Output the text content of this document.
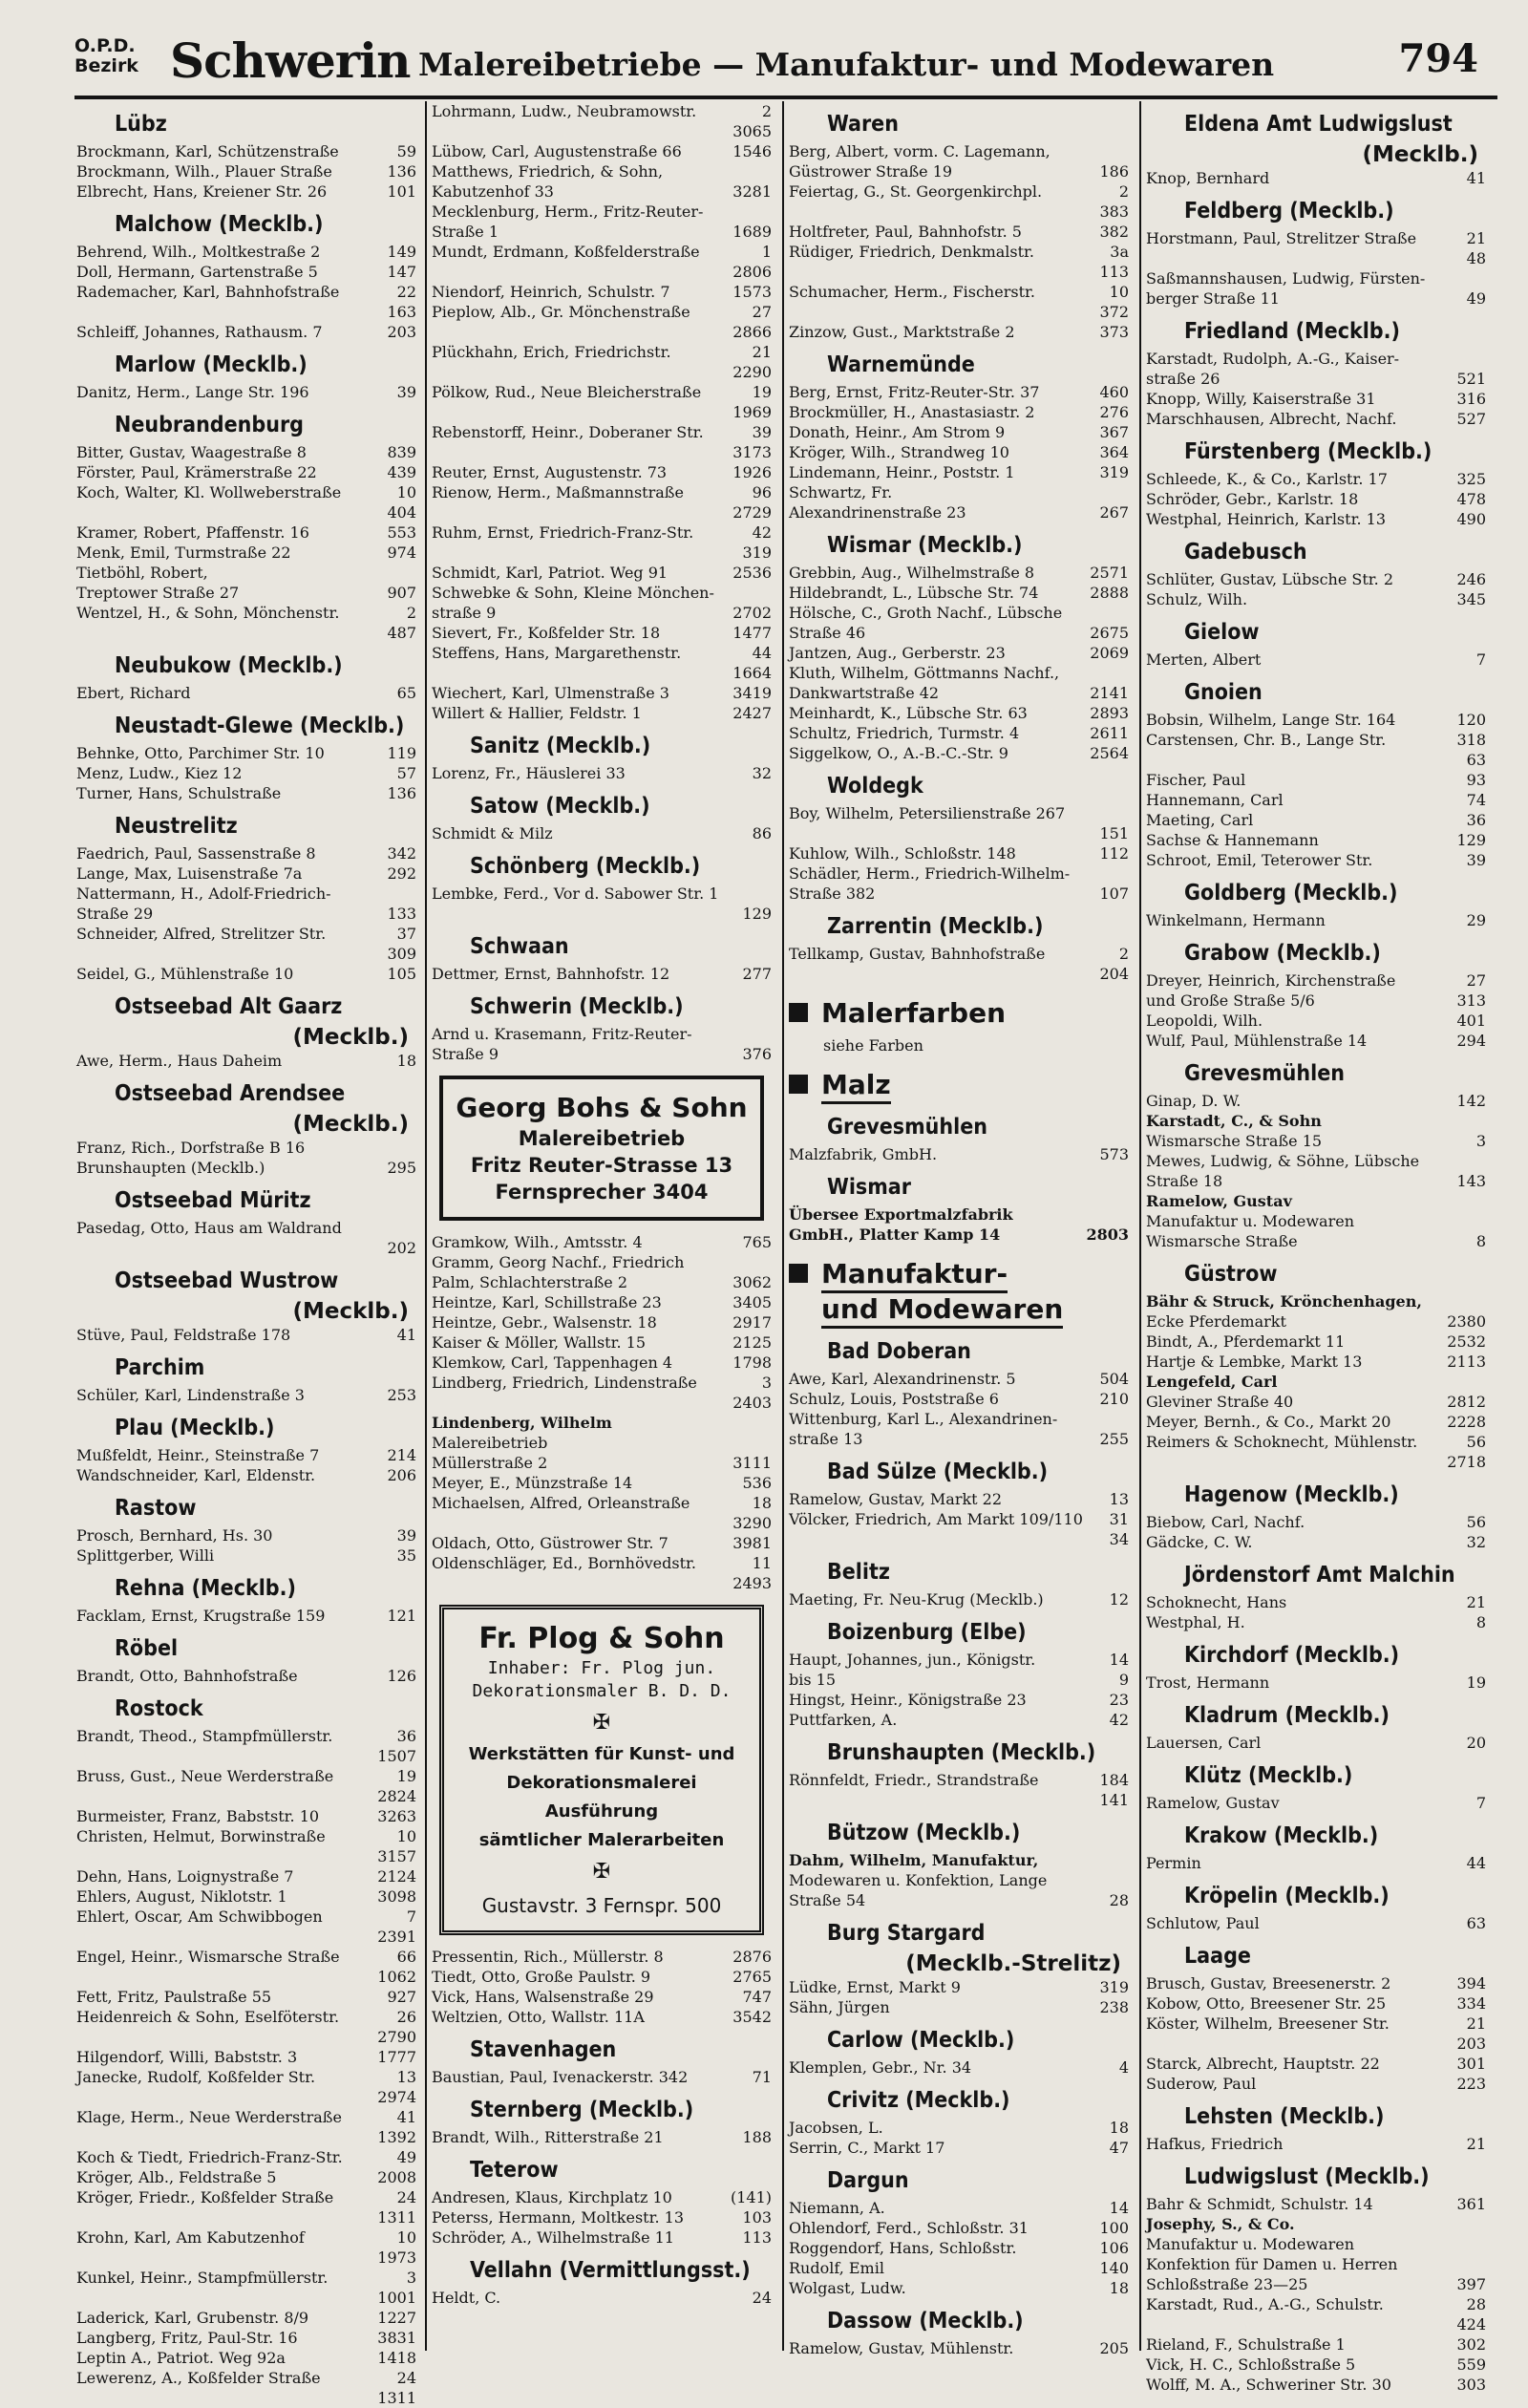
O.P.D.
Bezirk Schwerin Malereibetriebe — Manufaktur- und Modewaren	794
Lübz
Brockmann, Karl, Schützenstraße	59
Brockmann, Wilh., Plauer Straße	136
Elbrecht, Hans, Kreiener Str. 26	101
Malchow (Mecklb.)
Behrend, Wilh., Moltkestraße 2	149
Doll, Hermann, Gartenstraße 5	147
Rademacher, Karl, Bahnhofstraße	22
163
Schleiff, Johannes, Rathausm. 7	203
Marlow (Mecklb.)
Danitz, Herm., Lange Str. 196	39
Neubrandenburg
Bitter, Gustav, Waagestraße 8	839
Förster, Paul, Krämerstraße 22	439
Koch, Walter, Kl. Wollweberstraße	10
404
Kramer, Robert, Pfaffenstr. 16	553
Menk, Emil, Turmstraße 22	974
Tietböhl, Robert,
Treptower Straße 27	907
Wentzel, H., & Sohn, Mönchenstr.	2
487
Neubukow (Mecklb.)
Ebert, Richard	65
Neustadt-Glewe (Mecklb.)
Behnke, Otto, Parchimer Str. 10	119
Menz, Ludw., Kiez 12	57
Turner, Hans, Schulstraße	136
Neustrelitz
Faedrich, Paul, Sassenstraße 8	342
Lange, Max, Luisenstraße 7a	292
Nattermann, H., Adolf-Friedrich-
Straße 29	133
Schneider, Alfred, Strelitzer Str.	37
309
Seidel, G., Mühlenstraße 10	105
Ostseebad Alt Gaarz
(Mecklb.)
Awe, Herm., Haus Daheim	18
Ostseebad Arendsee
(Mecklb.)
Franz, Rich., Dorfstraße B 16
Brunshaupten (Mecklb.)	295
Ostseebad Müritz
Pasedag, Otto, Haus am Waldrand
202
Ostseebad Wustrow
(Mecklb.)
Stüve, Paul, Feldstraße 178	41
Parchim
Schüler, Karl, Lindenstraße 3	253
Plau (Mecklb.)
Mußfeldt, Heinr., Steinstraße 7	214
Wandschneider, Karl, Eldenstr.	206
Rastow
Prosch, Bernhard, Hs. 30	39
Splittgerber, Willi	35
Rehna (Mecklb.)
Facklam, Ernst, Krugstraße 159	121
Röbel
Brandt, Otto, Bahnhofstraße	126
Rostock
Brandt, Theod., Stampfmüllerstr.	36
1507
Bruss, Gust., Neue Werderstraße	19
2824
Burmeister, Franz, Babststr. 10	3263
Christen, Helmut, Borwinstraße	10
3157
Dehn, Hans, Loignystraße 7	2124
Ehlers, August, Niklotstr. 1	3098
Ehlert, Oscar, Am Schwibbogen	7
2391
Engel, Heinr., Wismarsche Straße	66
1062
Fett, Fritz, Paulstraße 55	927
Heidenreich & Sohn, Eselföterstr.	26
2790
Hilgendorf, Willi, Babststr. 3	1777
Janecke, Rudolf, Koßfelder Str.	13
2974
Klage, Herm., Neue Werderstraße	41
1392
Koch & Tiedt, Friedrich-Franz-Str.	49
Kröger, Alb., Feldstraße 5	2008
Kröger, Friedr., Koßfelder Straße	24
1311
Krohn, Karl, Am Kabutzenhof	10
1973
Kunkel, Heinr., Stampfmüllerstr.	3
1001
Laderick, Karl, Grubenstr. 8/9	1227
Langberg, Fritz, Paul-Str. 16	3831
Leptin A., Patriot. Weg 92a	1418
Lewerenz, A., Koßfelder Straße	24
1311
Lohrmann, Ludw., Neubramowstr.	2
3065
Lübow, Carl, Augustenstraße 66	1546
Matthews, Friedrich, & Sohn,
Kabutzenhof 33	3281
Mecklenburg, Herm., Fritz-Reuter-
Straße 1	1689
Mundt, Erdmann, Koßfelderstraße	1
2806
Niendorf, Heinrich, Schulstr. 7	1573
Pieplow, Alb., Gr. Mönchenstraße	27
2866
Plückhahn, Erich, Friedrichstr.	21
2290
Pölkow, Rud., Neue Bleicherstraße	19
1969
Rebenstorff, Heinr., Doberaner Str.	39
3173
Reuter, Ernst, Augustenstr. 73	1926
Rienow, Herm., Maßmannstraße	96
2729
Ruhm, Ernst, Friedrich-Franz-Str.	42
319
Schmidt, Karl, Patriot. Weg 91	2536
Schwebke & Sohn, Kleine Mönchen-
straße 9	2702
Sievert, Fr., Koßfelder Str. 18	1477
Steffens, Hans, Margarethenstr.	44
1664
Wiechert, Karl, Ulmenstraße 3	3419
Willert & Hallier, Feldstr. 1	2427
Sanitz (Mecklb.)
Lorenz, Fr., Häuslerei 33	32
Satow (Mecklb.)
Schmidt & Milz	86
Schönberg (Mecklb.)
Lembke, Ferd., Vor d. Sabower Str. 1
129
Schwaan
Dettmer, Ernst, Bahnhofstr. 12	277
Schwerin (Mecklb.)
Arnd u. Krasemann, Fritz-Reuter-
Straße 9	376
Georg Bohs & Sohn
Malereibetrieb
Fritz Reuter-Strasse 13
Fernsprecher 3404
Gramkow, Wilh., Amtsstr. 4	765
Gramm, Georg Nachf., Friedrich
Palm, Schlachterstraße 2	3062
Heintze, Karl, Schillstraße 23	3405
Heintze, Gebr., Walsenstr. 18	2917
Kaiser & Möller, Wallstr. 15	2125
Klemkow, Carl, Tappenhagen 4	1798
Lindberg, Friedrich, Lindenstraße	3
2403
Lindenberg, Wilhelm
Malereibetrieb
Müllerstraße 2	3111
Meyer, E., Münzstraße 14	536
Michaelsen, Alfred, Orleanstraße	18
3290
Oldach, Otto, Güstrower Str. 7	3981
Oldenschläger, Ed., Bornhövedstr.	11
2493
Fr. Plog & Sohn
Inhaber: Fr. Plog jun.
Dekorationsmaler B. D. D.
✠
Werkstätten für Kunst- und
Dekorationsmalerei
Ausführung
sämtlicher Malerarbeiten
✠
Gustavstr. 3 Fernspr. 500
Pressentin, Rich., Müllerstr. 8	2876
Tiedt, Otto, Große Paulstr. 9	2765
Vick, Hans, Walsenstraße 29	747
Weltzien, Otto, Wallstr. 11A	3542
Stavenhagen
Baustian, Paul, Ivenackerstr. 342	71
Sternberg (Mecklb.)
Brandt, Wilh., Ritterstraße 21	188
Teterow
Andresen, Klaus, Kirchplatz 10	(141)
Peterss, Hermann, Moltkestr. 13	103
Schröder, A., Wilhelmstraße 11	113
Vellahn (Vermittlungsst.)
Heldt, C.	24
Waren
Berg, Albert, vorm. C. Lagemann,
Güstrower Straße 19	186
Feiertag, G., St. Georgenkirchpl.	2
383
Holtfreter, Paul, Bahnhofstr. 5	382
Rüdiger, Friedrich, Denkmalstr.	3a
113
Schumacher, Herm., Fischerstr.	10
372
Zinzow, Gust., Marktstraße 2	373
Warnemünde
Berg, Ernst, Fritz-Reuter-Str. 37	460
Brockmüller, H., Anastasiastr. 2	276
Donath, Heinr., Am Strom 9	367
Kröger, Wilh., Strandweg 10	364
Lindemann, Heinr., Poststr. 1	319
Schwartz, Fr.
Alexandrinenstraße 23	267
Wismar (Mecklb.)
Grebbin, Aug., Wilhelmstraße 8	2571
Hildebrandt, L., Lübsche Str. 74	2888
Hölsche, C., Groth Nachf., Lübsche
Straße 46	2675
Jantzen, Aug., Gerberstr. 23	2069
Kluth, Wilhelm, Göttmanns Nachf.,
Dankwartstraße 42	2141
Meinhardt, K., Lübsche Str. 63	2893
Schultz, Friedrich, Turmstr. 4	2611
Siggelkow, O., A.-B.-C.-Str. 9	2564
Woldegk
Boy, Wilhelm, Petersilienstraße 267
151
Kuhlow, Wilh., Schloßstr. 148	112
Schädler, Herm., Friedrich-Wilhelm-
Straße 382	107
Zarrentin (Mecklb.)
Tellkamp, Gustav, Bahnhofstraße	2
204
Malerfarben
siehe Farben
Malz
Grevesmühlen
Malzfabrik, GmbH.	573
Wismar
Übersee Exportmalzfabrik
GmbH., Platter Kamp 14	2803
Manufaktur-
und Modewaren
Bad Doberan
Awe, Karl, Alexandrinenstr. 5	504
Schulz, Louis, Poststraße 6	210
Wittenburg, Karl L., Alexandrinen-
straße 13	255
Bad Sülze (Mecklb.)
Ramelow, Gustav, Markt 22	13
Völcker, Friedrich, Am Markt 109/110	31
34
Belitz
Maeting, Fr. Neu-Krug (Mecklb.)	12
Boizenburg (Elbe)
Haupt, Johannes, jun., Königstr.	14
bis 15	9
Hingst, Heinr., Königstraße 23	23
Puttfarken, A.	42
Brunshaupten (Mecklb.)
Rönnfeldt, Friedr., Strandstraße	184
141
Bützow (Mecklb.)
Dahm, Wilhelm, Manufaktur,
Modewaren u. Konfektion, Lange
Straße 54	28
Burg Stargard
(Mecklb.-Strelitz)
Lüdke, Ernst, Markt 9	319
Sähn, Jürgen	238
Carlow (Mecklb.)
Klemplen, Gebr., Nr. 34	4
Crivitz (Mecklb.)
Jacobsen, L.	18
Serrin, C., Markt 17	47
Dargun
Niemann, A.	14
Ohlendorf, Ferd., Schloßstr. 31	100
Roggendorf, Hans, Schloßstr.	106
Rudolf, Emil	140
Wolgast, Ludw.	18
Dassow (Mecklb.)
Ramelow, Gustav, Mühlenstr.	205
Eldena Amt Ludwigslust
(Mecklb.)
Knop, Bernhard	41
Feldberg (Mecklb.)
Horstmann, Paul, Strelitzer Straße	21
48
Saßmannshausen, Ludwig, Fürsten-
berger Straße 11	49
Friedland (Mecklb.)
Karstadt, Rudolph, A.-G., Kaiser-
straße 26	521
Knopp, Willy, Kaiserstraße 31	316
Marschhausen, Albrecht, Nachf.	527
Fürstenberg (Mecklb.)
Schleede, K., & Co., Karlstr. 17	325
Schröder, Gebr., Karlstr. 18	478
Westphal, Heinrich, Karlstr. 13	490
Gadebusch
Schlüter, Gustav, Lübsche Str. 2	246
Schulz, Wilh.	345
Gielow
Merten, Albert	7
Gnoien
Bobsin, Wilhelm, Lange Str. 164	120
Carstensen, Chr. B., Lange Str.	318
63
Fischer, Paul	93
Hannemann, Carl	74
Maeting, Carl	36
Sachse & Hannemann	129
Schroot, Emil, Teterower Str.	39
Goldberg (Mecklb.)
Winkelmann, Hermann	29
Grabow (Mecklb.)
Dreyer, Heinrich, Kirchenstraße	27
und Große Straße 5/6	313
Leopoldi, Wilh.	401
Wulf, Paul, Mühlenstraße 14	294
Grevesmühlen
Ginap, D. W.	142
Karstadt, C., & Sohn
Wismarsche Straße 15	3
Mewes, Ludwig, & Söhne, Lübsche
Straße 18	143
Ramelow, Gustav
Manufaktur u. Modewaren
Wismarsche Straße	8
Güstrow
Bähr & Struck, Krönchenhagen,
Ecke Pferdemarkt	2380
Bindt, A., Pferdemarkt 11	2532
Hartje & Lembke, Markt 13	2113
Lengefeld, Carl
Gleviner Straße 40	2812
Meyer, Bernh., & Co., Markt 20	2228
Reimers & Schoknecht, Mühlenstr.	56
2718
Hagenow (Mecklb.)
Biebow, Carl, Nachf.	56
Gädcke, C. W.	32
Jördenstorf Amt Malchin
Schoknecht, Hans	21
Westphal, H.	8
Kirchdorf (Mecklb.)
Trost, Hermann	19
Kladrum (Mecklb.)
Lauersen, Carl	20
Klütz (Mecklb.)
Ramelow, Gustav	7
Krakow (Mecklb.)
Permin	44
Kröpelin (Mecklb.)
Schlutow, Paul	63
Laage
Brusch, Gustav, Breesenerstr. 2	394
Kobow, Otto, Breesener Str. 25	334
Köster, Wilhelm, Breesener Str.	21
203
Starck, Albrecht, Hauptstr. 22	301
Suderow, Paul	223
Lehsten (Mecklb.)
Hafkus, Friedrich	21
Ludwigslust (Mecklb.)
Bahr & Schmidt, Schulstr. 14	361
Josephy, S., & Co.
Manufaktur u. Modewaren
Konfektion für Damen u. Herren
Schloßstraße 23—25	397
Karstadt, Rud., A.-G., Schulstr.	28
424
Rieland, F., Schulstraße 1	302
Vick, H. C., Schloßstraße 5	559
Wolff, M. A., Schweriner Str. 30	303
